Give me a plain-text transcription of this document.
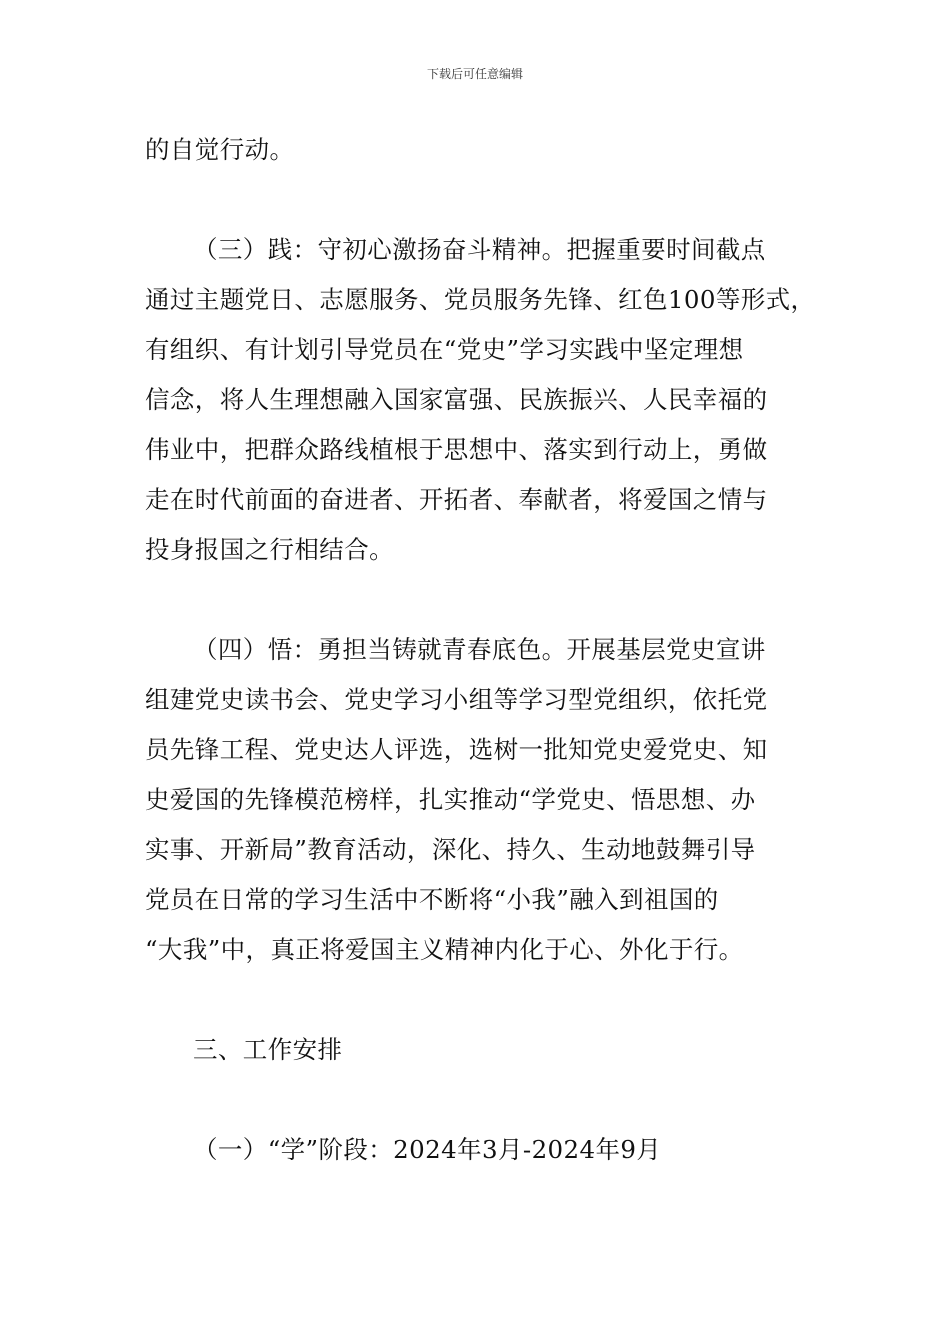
下载后可任意编辑
的自觉行动。
（三）践：守初心激扬奋斗精神。把握重要时间截点
通过主题党日、志愿服务、党员服务先锋、红色100等形式，
有组织、有计划引导党员在“党史”学习实践中坚定理想
信念，将人生理想融入国家富强、民族振兴、人民幸福的
伟业中，把群众路线植根于思想中、落实到行动上，勇做
走在时代前面的奋进者、开拓者、奉献者，将爱国之情与
投身报国之行相结合。
（四）悟：勇担当铸就青春底色。开展基层党史宣讲
组建党史读书会、党史学习小组等学习型党组织，依托党
员先锋工程、党史达人评选，选树一批知党史爱党史、知
史爱国的先锋模范榜样，扎实推动“学党史、悟思想、办
实事、开新局”教育活动，深化、持久、生动地鼓舞引导
党员在日常的学习生活中不断将“小我”融入到祖国的
“大我”中，真正将爱国主义精神内化于心、外化于行。
三、工作安排
（一）“学”阶段：2024年3月-2024年9月
